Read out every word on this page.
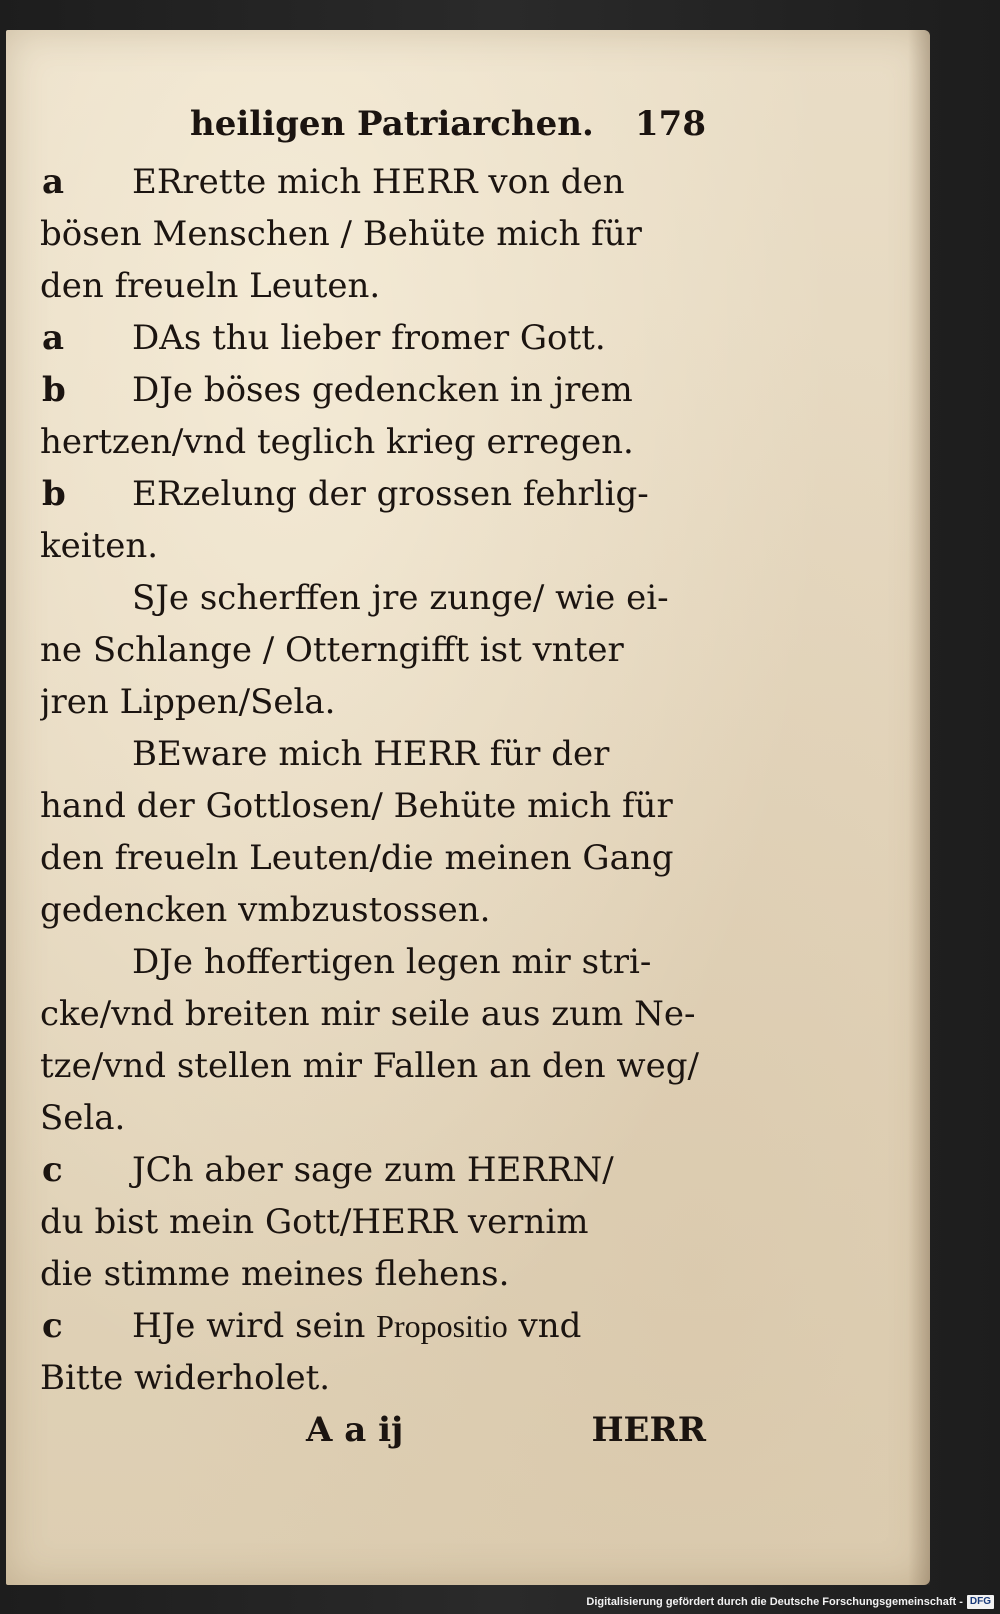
heiligen Patriarchen. 178
a	ERrette mich HERR von den
bösen Menschen / Behüte mich für
den freueln Leuten.
a	DAs thu lieber fromer Gott.
b	DJe böses gedencken in jrem
hertzen/vnd teglich krieg erregen.
b	ERzelung der grossen fehrlig-
keiten.
SJe scherffen jre zunge/ wie ei-
ne Schlange / Otterngifft ist vnter
jren Lippen/Sela.
BEware mich HERR für der
hand der Gottlosen/ Behüte mich für
den freueln Leuten/die meinen Gang
gedencken vmbzustossen.
DJe hoffertigen legen mir stri-
cke/vnd breiten mir seile aus zum Ne-
tze/vnd stellen mir Fallen an den weg/
Sela.
c	JCh aber sage zum HERRN/
du bist mein Gott/HERR vernim
die stimme meines flehens.
c	HJe wird sein Propositio vnd
Bitte widerholet.
A a ij	HERR
Digitalisierung gefördert durch die Deutsche Forschungsgemeinschaft - DFG
